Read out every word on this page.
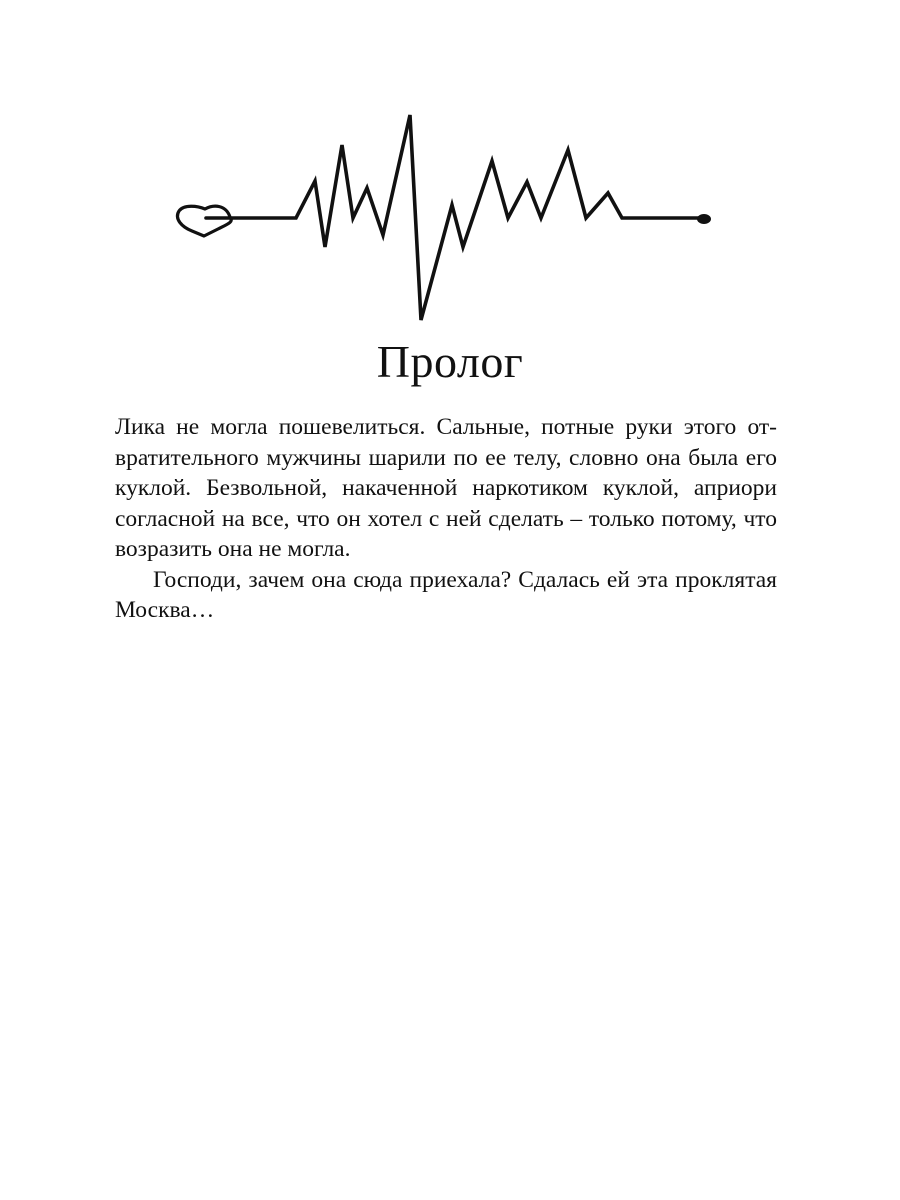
Пролог

Лика не могла пошевелиться. Сальные, потные руки этого от-
вратительного мужчины шарили по ее телу, словно она была его
куклой. Безвольной, накаченной наркотиком куклой, априори
согласной на все, что он хотел с ней сделать – только потому, что
возразить она не могла.

Господи, зачем она сюда приехала? Сдалась ей эта проклятая
Москва…
